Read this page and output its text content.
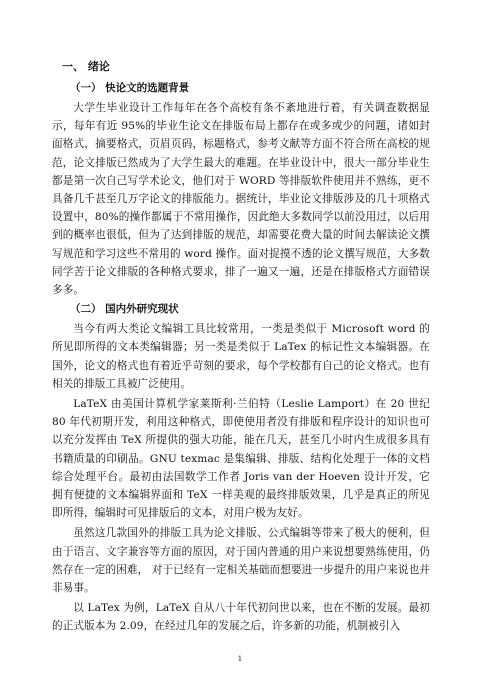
一、 绪论
（一） 快论文的选题背景

大学生毕业设计工作每年在各个高校有条不紊地进行着，有关调查数据显示，每年有近 95%的毕业生论文在排版布局上都存在或多或少的问题，诸如封面格式，摘要格式，页眉页码，标题格式，参考文献等方面不符合所在高校的规范，论文排版已然成为了大学生最大的难题。在毕业设计中，很大一部分毕业生都是第一次自己写学术论文，他们对于 WORD 等排版软件使用并不熟练，更不具备几千甚至几万字论文的排版能力。据统计，毕业论文排版涉及的几十项格式设置中，80%的操作都属于不常用操作，因此绝大多数同学以前没用过，以后用到的概率也很低，但为了达到排版的规范，却需要花费大量的时间去解读论文撰写规范和学习这些不常用的 word 操作。面对捉摸不透的论文撰写规范，大多数同学苦于论文排版的各种格式要求，排了一遍又一遍，还是在排版格式方面错误多多。

（二） 国内外研究现状

当今有两大类论文编辑工具比较常用，一类是类似于 Microsoft word 的所见即所得的文本类编辑器；另一类是类似于 LaTex 的标记性文本编辑器。在国外，论文的格式也有着近乎苛刻的要求，每个学校都有自己的论文格式。也有相关的排版工具被广泛使用。

LaTeX 由美国计算机学家莱斯利·兰伯特（Leslie Lamport）在 20 世纪 80 年代初期开发，利用这种格式，即使使用者没有排版和程序设计的知识也可以充分发挥由 TeX 所提供的强大功能，能在几天，甚至几小时内生成很多具有书籍质量的印刷品。GNU texmac 是集编辑、排版、结构化处理于一体的文档综合处理平台。最初由法国数学工作者 Joris van der Hoeven 设计开发，它拥有便捷的文本编辑界面和 TeX 一样美观的最终排版效果，几乎是真正的所见即所得，编辑时可见排版后的文本，对用户极为友好。

虽然这几款国外的排版工具为论文排版、公式编辑等带来了极大的便利，但由于语言、文字兼容等方面的原因，对于国内普通的用户来说想要熟练使用，仍然存在一定的困难， 对于已经有一定相关基础而想要进一步提升的用户来说也并非易事。

以 LaTex 为例，LaTeX 自从八十年代初问世以来，也在不断的发展。最初的正式版本为 2.09，在经过几年的发展之后，许多新的功能，机制被引入

1
